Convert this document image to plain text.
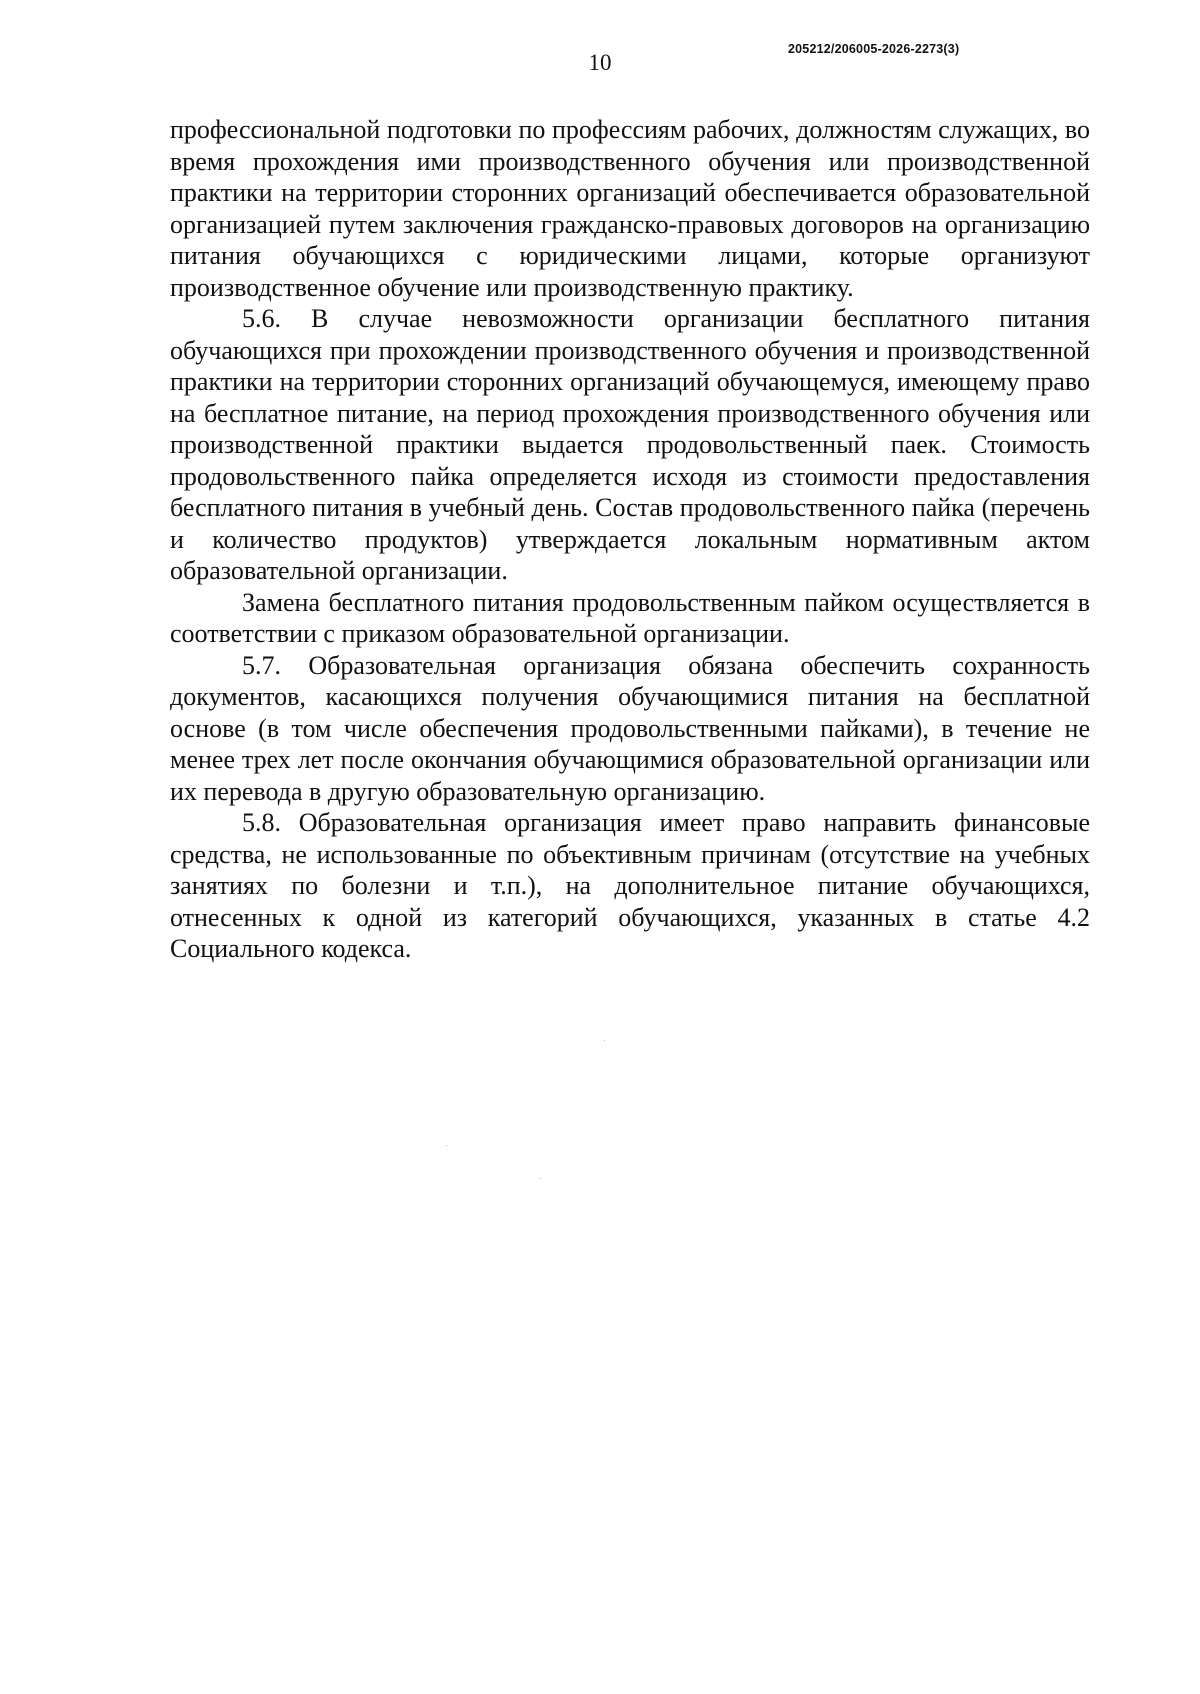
10
205212/206005-2026-2273(3)

профессиональной подготовки по профессиям рабочих, должностям служащих, во время прохождения ими производственного обучения или производственной практики на территории сторонних организаций обеспечивается образовательной организацией путем заключения гражданско-правовых договоров на организацию питания обучающихся с юридическими лицами, которые организуют производственное обучение или производственную практику.

5.6. В случае невозможности организации бесплатного питания обучающихся при прохождении производственного обучения и производственной практики на территории сторонних организаций обучающемуся, имеющему право на бесплатное питание, на период прохождения производственного обучения или производственной практики выдается продовольственный паек. Стоимость продовольственного пайка определяется исходя из стоимости предоставления бесплатного питания в учебный день. Состав продовольственного пайка (перечень и количество продуктов) утверждается локальным нормативным актом образовательной организации.

Замена бесплатного питания продовольственным пайком осуществляется в соответствии с приказом образовательной организации.

5.7. Образовательная организация обязана обеспечить сохранность документов, касающихся получения обучающимися питания на бесплатной основе (в том числе обеспечения продовольственными пайками), в течение не менее трех лет после окончания обучающимися образовательной организации или их перевода в другую образовательную организацию.

5.8. Образовательная организация имеет право направить финансовые средства, не использованные по объективным причинам (отсутствие на учебных занятиях по болезни и т.п.), на дополнительное питание обучающихся, отнесенных к одной из категорий обучающихся, указанных в статье 4.2 Социального кодекса.
